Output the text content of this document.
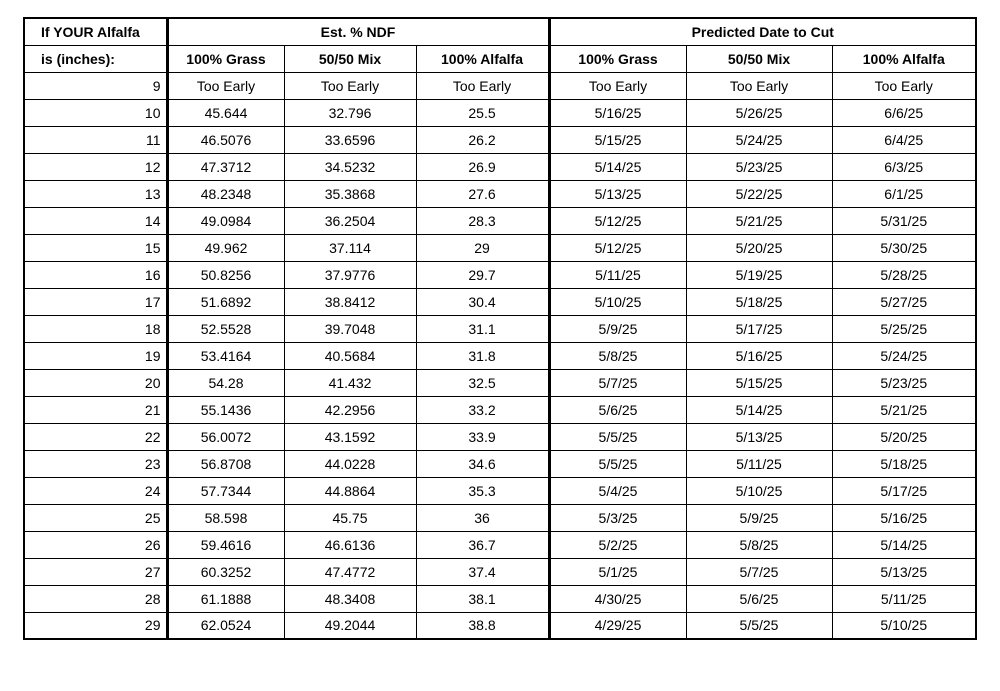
If YOUR Alfalfa	Est. % NDF			Predicted Date to Cut		
is (inches):	100% Grass	50/50 Mix	100% Alfalfa	100% Grass	50/50 Mix	100% Alfalfa
9	Too Early	Too Early	Too Early	Too Early	Too Early	Too Early
10	45.644	32.796	25.5	5/16/25	5/26/25	6/6/25
11	46.5076	33.6596	26.2	5/15/25	5/24/25	6/4/25
12	47.3712	34.5232	26.9	5/14/25	5/23/25	6/3/25
13	48.2348	35.3868	27.6	5/13/25	5/22/25	6/1/25
14	49.0984	36.2504	28.3	5/12/25	5/21/25	5/31/25
15	49.962	37.114	29	5/12/25	5/20/25	5/30/25
16	50.8256	37.9776	29.7	5/11/25	5/19/25	5/28/25
17	51.6892	38.8412	30.4	5/10/25	5/18/25	5/27/25
18	52.5528	39.7048	31.1	5/9/25	5/17/25	5/25/25
19	53.4164	40.5684	31.8	5/8/25	5/16/25	5/24/25
20	54.28	41.432	32.5	5/7/25	5/15/25	5/23/25
21	55.1436	42.2956	33.2	5/6/25	5/14/25	5/21/25
22	56.0072	43.1592	33.9	5/5/25	5/13/25	5/20/25
23	56.8708	44.0228	34.6	5/5/25	5/11/25	5/18/25
24	57.7344	44.8864	35.3	5/4/25	5/10/25	5/17/25
25	58.598	45.75	36	5/3/25	5/9/25	5/16/25
26	59.4616	46.6136	36.7	5/2/25	5/8/25	5/14/25
27	60.3252	47.4772	37.4	5/1/25	5/7/25	5/13/25
28	61.1888	48.3408	38.1	4/30/25	5/6/25	5/11/25
29	62.0524	49.2044	38.8	4/29/25	5/5/25	5/10/25
